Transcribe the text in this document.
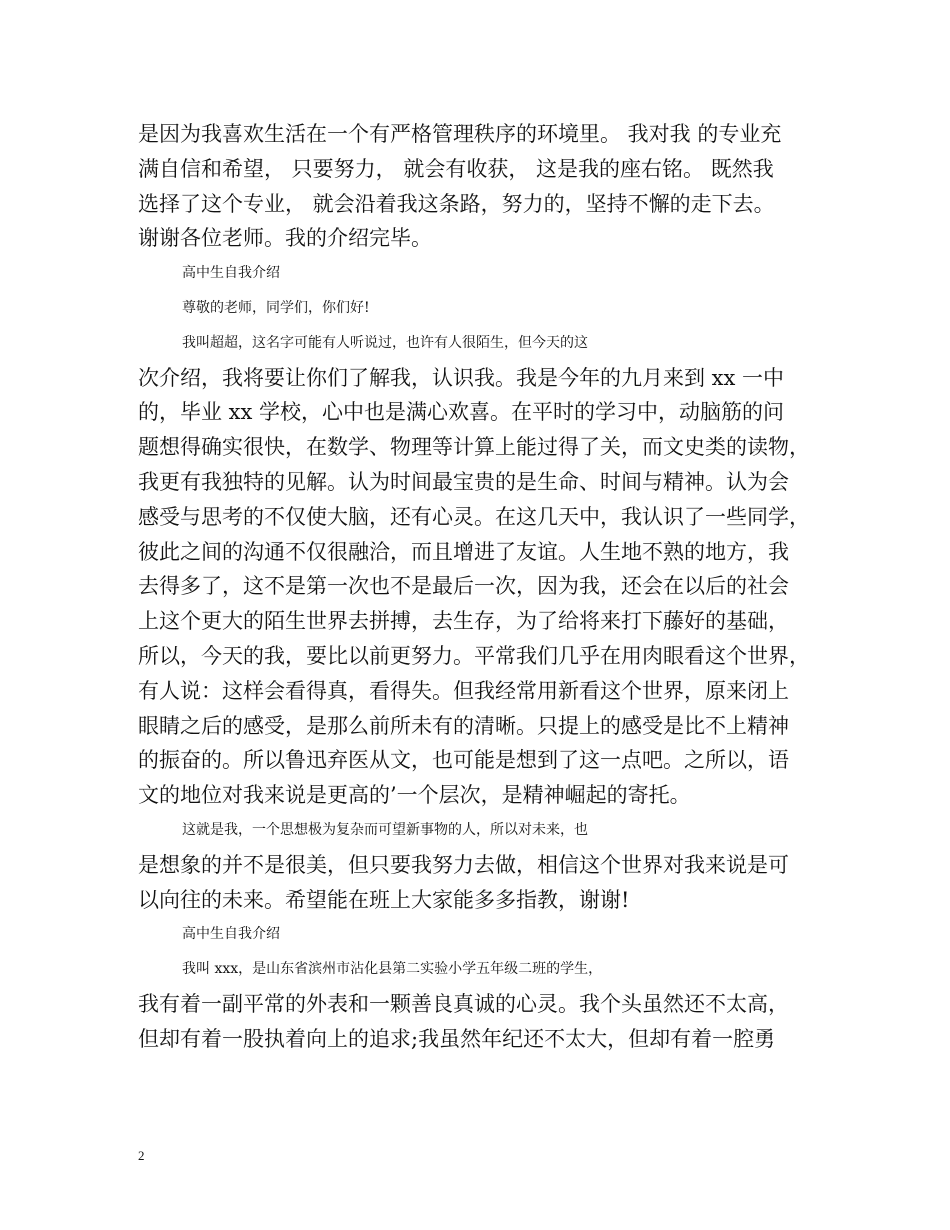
是因为我喜欢生活在一个有严格管理秩序的环境里。 我对我 的专业充
满自信和希望， 只要努力， 就会有收获， 这是我的座右铭。 既然我
选择了这个专业， 就会沿着我这条路，努力的，坚持不懈的走下去。
谢谢各位老师。我的介绍完毕。
高中生自我介绍
尊敬的老师，同学们，你们好!
我叫超超，这名字可能有人听说过，也许有人很陌生，但今天的这
次介绍，我将要让你们了解我，认识我。我是今年的九月来到 xx 一中
的，毕业 xx 学校，心中也是满心欢喜。在平时的学习中，动脑筋的问
题想得确实很快，在数学、物理等计算上能过得了关，而文史类的读物，
我更有我独特的见解。认为时间最宝贵的是生命、时间与精神。认为会
感受与思考的不仅使大脑，还有心灵。在这几天中，我认识了一些同学，
彼此之间的沟通不仅很融洽，而且增进了友谊。人生地不熟的地方，我
去得多了，这不是第一次也不是最后一次，因为我，还会在以后的社会
上这个更大的陌生世界去拼搏，去生存，为了给将来打下藤好的基础，
所以，今天的我，要比以前更努力。平常我们几乎在用肉眼看这个世界，
有人说：这样会看得真，看得失。但我经常用新看这个世界，原来闭上
眼睛之后的感受，是那么前所未有的清晰。只提上的感受是比不上精神
的振奋的。所以鲁迅弃医从文，也可能是想到了这一点吧。之所以，语
文的地位对我来说是更高的’一个层次，是精神崛起的寄托。
这就是我，一个思想极为复杂而可望新事物的人，所以对未来，也
是想象的并不是很美，但只要我努力去做，相信这个世界对我来说是可
以向往的未来。希望能在班上大家能多多指教，谢谢!
高中生自我介绍
我叫 xxx，是山东省滨州市沾化县第二实验小学五年级二班的学生，
我有着一副平常的外表和一颗善良真诚的心灵。我个头虽然还不太高，
但却有着一股执着向上的追求;我虽然年纪还不太大，但却有着一腔勇
2
